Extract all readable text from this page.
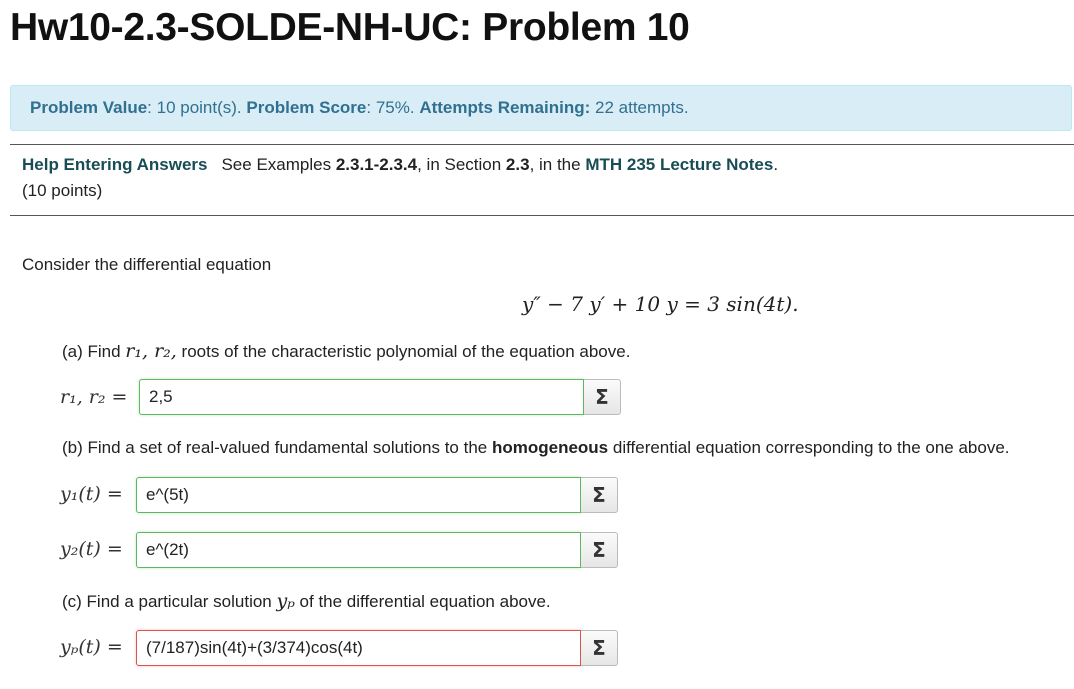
Hw10-2.3-SOLDE-NH-UC: Problem 10
Problem Value: 10 point(s). Problem Score: 75%. Attempts Remaining: 22 attempts.
Help Entering Answers See Examples 2.3.1-2.3.4, in Section 2.3, in the MTH 235 Lecture Notes.
(10 points)
Consider the differential equation
y″ − 7 y′ + 10 y = 3 sin(4t).
(a) Find r₁, r₂, roots of the characteristic polynomial of the equation above.
r₁, r₂ =	2,5	Σ
(b) Find a set of real-valued fundamental solutions to the homogeneous differential equation corresponding to the one above.
y₁(t) =	e^(5t)	Σ
y₂(t) =	e^(2t)	Σ
(c) Find a particular solution yₚ of the differential equation above.
yₚ(t) =	(7/187)sin(4t)+(3/374)cos(4t)	Σ
